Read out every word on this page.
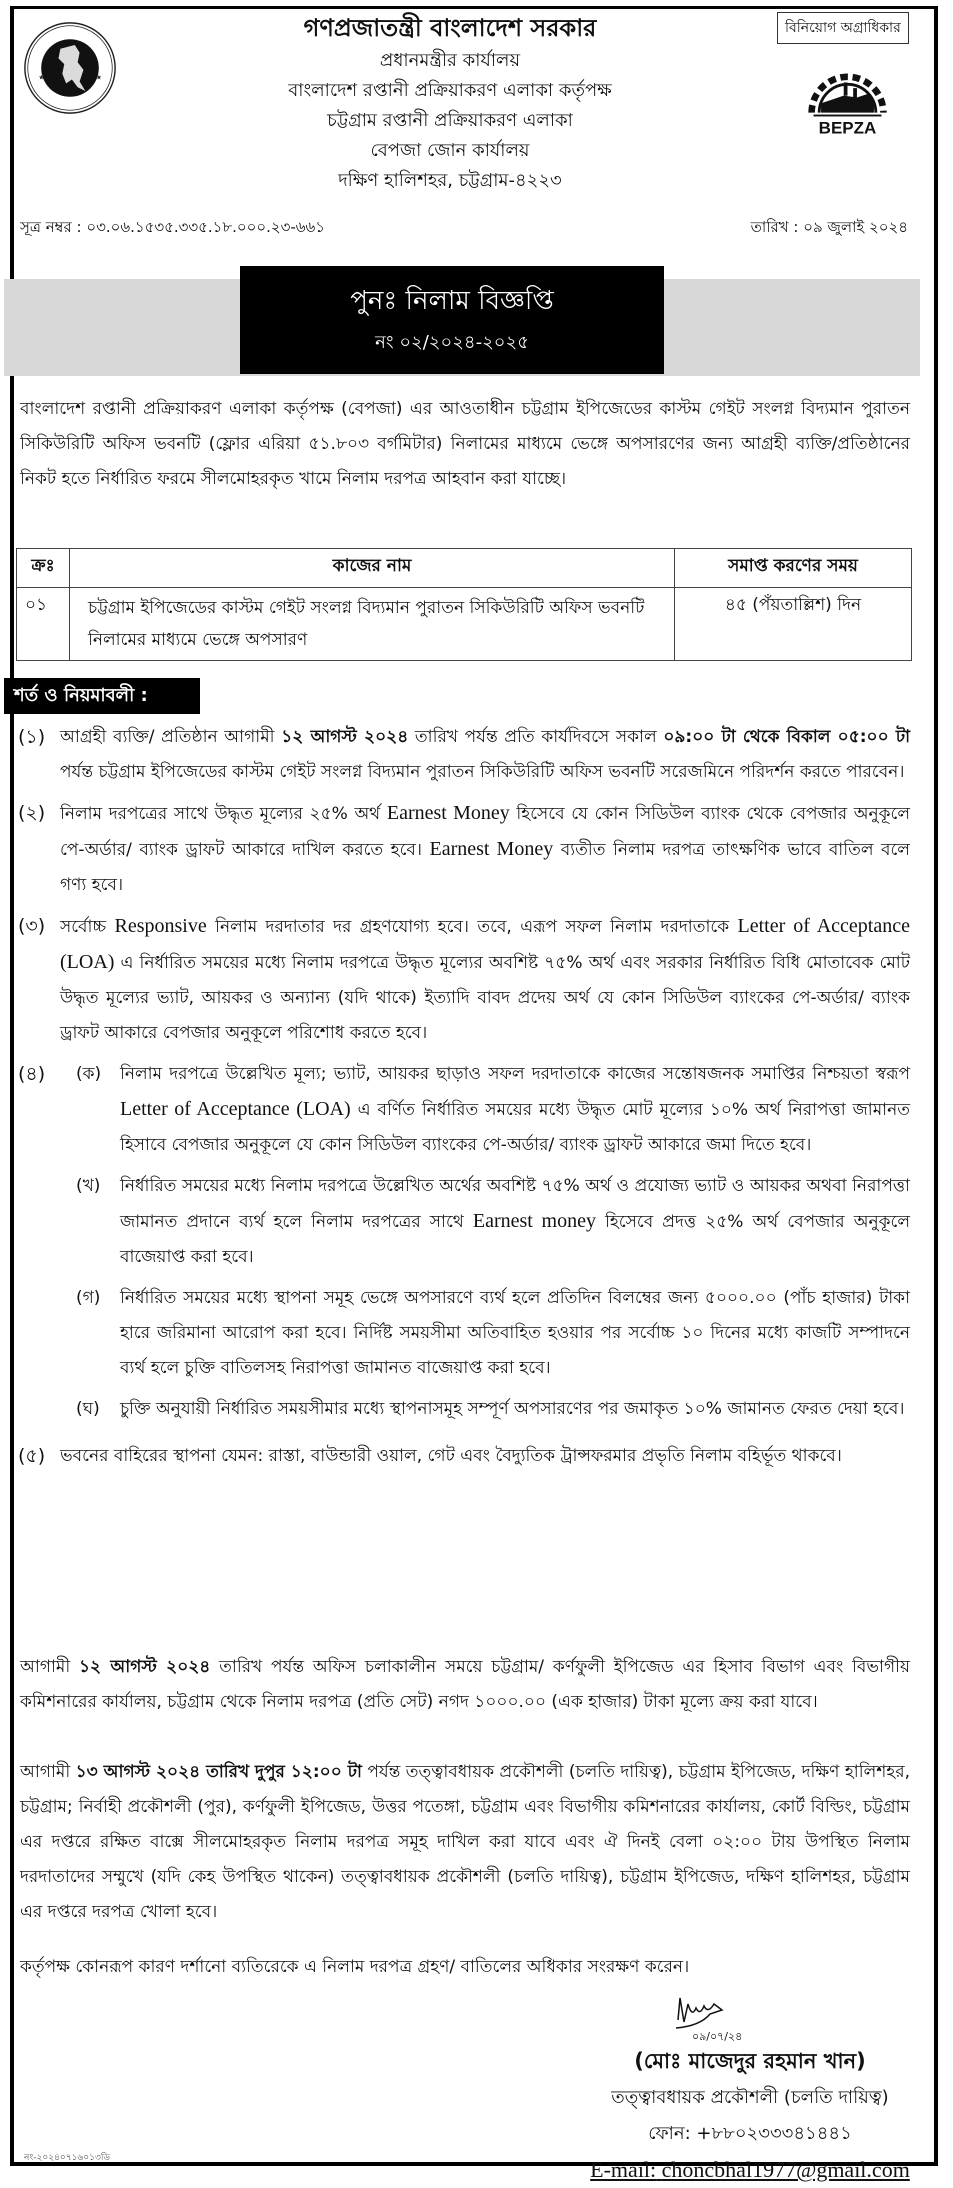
★	★
বিনিয়োগ অগ্রাধিকার
BEPZA
গণপ্রজাতন্ত্রী বাংলাদেশ সরকার
প্রধানমন্ত্রীর কার্যালয়
বাংলাদেশ রপ্তানী প্রক্রিয়াকরণ এলাকা কর্তৃপক্ষ
চট্টগ্রাম রপ্তানী প্রক্রিয়াকরণ এলাকা
বেপজা জোন কার্যালয়
দক্ষিণ হালিশহর, চট্টগ্রাম-৪২২৩
সূত্র নম্বর : ০৩.০৬.১৫৩৫.৩৩৫.১৮.০০০.২৩-৬৬১	তারিখ : ০৯ জুলাই ২০২৪
পুনঃ নিলাম বিজ্ঞপ্তি
নং ০২/২০২৪-২০২৫
বাংলাদেশ রপ্তানী প্রক্রিয়াকরণ এলাকা কর্তৃপক্ষ (বেপজা) এর আওতাধীন চট্টগ্রাম ইপিজেডের কাস্টম গেইট সংলগ্ন বিদ্যমান পুরাতন সিকিউরিটি অফিস ভবনটি (ফ্লোর এরিয়া ৫১.৮০৩ বর্গমিটার) নিলামের মাধ্যমে ভেঙ্গে অপসারণের জন্য আগ্রহী ব্যক্তি/প্রতিষ্ঠানের নিকট হতে নির্ধারিত ফরমে সীলমোহরকৃত খামে নিলাম দরপত্র আহবান করা যাচ্ছে।
ক্রঃ	কাজের নাম	সমাপ্ত করণের সময়
০১	চট্টগ্রাম ইপিজেডের কাস্টম গেইট সংলগ্ন বিদ্যমান পুরাতন সিকিউরিটি অফিস ভবনটি নিলামের মাধ্যমে ভেঙ্গে অপসারণ	৪৫ (পঁয়তাল্লিশ) দিন
শর্ত ও নিয়মাবলী :
(১) আগ্রহী ব্যক্তি/ প্রতিষ্ঠান আগামী ১২ আগস্ট ২০২৪ তারিখ পর্যন্ত প্রতি কার্যদিবসে সকাল ০৯:০০ টা থেকে বিকাল ০৫:০০ টা পর্যন্ত চট্টগ্রাম ইপিজেডের কাস্টম গেইট সংলগ্ন বিদ্যমান পুরাতন সিকিউরিটি অফিস ভবনটি সরেজমিনে পরিদর্শন করতে পারবেন।
(২) নিলাম দরপত্রের সাথে উদ্ধৃত মূল্যের ২৫% অর্থ Earnest Money হিসেবে যে কোন সিডিউল ব্যাংক থেকে বেপজার অনুকূলে পে-অর্ডার/ ব্যাংক ড্রাফট আকারে দাখিল করতে হবে। Earnest Money ব্যতীত নিলাম দরপত্র তাৎক্ষণিক ভাবে বাতিল বলে গণ্য হবে।
(৩) সর্বোচ্চ Responsive নিলাম দরদাতার দর গ্রহণযোগ্য হবে। তবে, এরূপ সফল নিলাম দরদাতাকে Letter of Acceptance (LOA) এ নির্ধারিত সময়ের মধ্যে নিলাম দরপত্রে উদ্ধৃত মূল্যের অবশিষ্ট ৭৫% অর্থ এবং সরকার নির্ধারিত বিধি মোতাবেক মোট উদ্ধৃত মূল্যের ভ্যাট, আয়কর ও অন্যান্য (যদি থাকে) ইত্যাদি বাবদ প্রদেয় অর্থ যে কোন সিডিউল ব্যাংকের পে-অর্ডার/ ব্যাংক ড্রাফট আকারে বেপজার অনুকূলে পরিশোধ করতে হবে।
(৪)	(ক)	নিলাম দরপত্রে উল্লেখিত মূল্য; ভ্যাট, আয়কর ছাড়াও সফল দরদাতাকে কাজের সন্তোষজনক সমাপ্তির নিশ্চয়তা স্বরূপ Letter of Acceptance (LOA) এ বর্ণিত নির্ধারিত সময়ের মধ্যে উদ্ধৃত মোট মূল্যের ১০% অর্থ নিরাপত্তা জামানত হিসাবে বেপজার অনুকূলে যে কোন সিডিউল ব্যাংকের পে-অর্ডার/ ব্যাংক ড্রাফট আকারে জমা দিতে হবে।
(খ)	নির্ধারিত সময়ের মধ্যে নিলাম দরপত্রে উল্লেখিত অর্থের অবশিষ্ট ৭৫% অর্থ ও প্রযোজ্য ভ্যাট ও আয়কর অথবা নিরাপত্তা জামানত প্রদানে ব্যর্থ হলে নিলাম দরপত্রের সাথে Earnest money হিসেবে প্রদত্ত ২৫% অর্থ বেপজার অনুকূলে বাজেয়াপ্ত করা হবে।
(গ)	নির্ধারিত সময়ের মধ্যে স্থাপনা সমূহ ভেঙ্গে অপসারণে ব্যর্থ হলে প্রতিদিন বিলম্বের জন্য ৫০০০.০০ (পাঁচ হাজার) টাকা হারে জরিমানা আরোপ করা হবে। নির্দিষ্ট সময়সীমা অতিবাহিত হওয়ার পর সর্বোচ্চ ১০ দিনের মধ্যে কাজটি সম্পাদনে ব্যর্থ হলে চুক্তি বাতিলসহ নিরাপত্তা জামানত বাজেয়াপ্ত করা হবে।
(ঘ)	চুক্তি অনুযায়ী নির্ধারিত সময়সীমার মধ্যে স্থাপনাসমূহ সম্পূর্ণ অপসারণের পর জমাকৃত ১০% জামানত ফেরত দেয়া হবে।
(৫) ভবনের বাহিরের স্থাপনা যেমন: রাস্তা, বাউন্ডারী ওয়াল, গেট এবং বৈদ্যুতিক ট্রান্সফরমার প্রভৃতি নিলাম বহির্ভূত থাকবে।
আগামী ১২ আগস্ট ২০২৪ তারিখ পর্যন্ত অফিস চলাকালীন সময়ে চট্টগ্রাম/ কর্ণফুলী ইপিজেড এর হিসাব বিভাগ এবং বিভাগীয় কমিশনারের কার্যালয়, চট্টগ্রাম থেকে নিলাম দরপত্র (প্রতি সেট) নগদ ১০০০.০০ (এক হাজার) টাকা মূল্যে ক্রয় করা যাবে।
আগামী ১৩ আগস্ট ২০২৪ তারিখ দুপুর ১২:০০ টা পর্যন্ত তত্ত্বাবধায়ক প্রকৌশলী (চলতি দায়িত্ব), চট্টগ্রাম ইপিজেড, দক্ষিণ হালিশহর, চট্টগ্রাম; নির্বাহী প্রকৌশলী (পুর), কর্ণফুলী ইপিজেড, উত্তর পতেঙ্গা, চট্টগ্রাম এবং বিভাগীয় কমিশনারের কার্যালয়, কোর্ট বিল্ডিং, চট্টগ্রাম এর দপ্তরে রক্ষিত বাক্সে সীলমোহরকৃত নিলাম দরপত্র সমূহ দাখিল করা যাবে এবং ঐ দিনই বেলা ০২:০০ টায় উপস্থিত নিলাম দরদাতাদের সম্মুখে (যদি কেহ উপস্থিত থাকেন) তত্ত্বাবধায়ক প্রকৌশলী (চলতি দায়িত্ব), চট্টগ্রাম ইপিজেড, দক্ষিণ হালিশহর, চট্টগ্রাম এর দপ্তরে দরপত্র খোলা হবে।
কর্তৃপক্ষ কোনরূপ কারণ দর্শানো ব্যতিরেকে এ নিলাম দরপত্র গ্রহণ/ বাতিলের অধিকার সংরক্ষণ করেন।
০৯/০৭/২৪
(মোঃ মাজেদুর রহমান খান)
তত্ত্বাবধায়ক প্রকৌশলী (চলতি দায়িত্ব)
ফোন: +৮৮০২৩৩৩৪১৪৪১
E-mail: choncbhal1977@gmail.com
নং-২০২৪০৭১৬০১৩ডি
